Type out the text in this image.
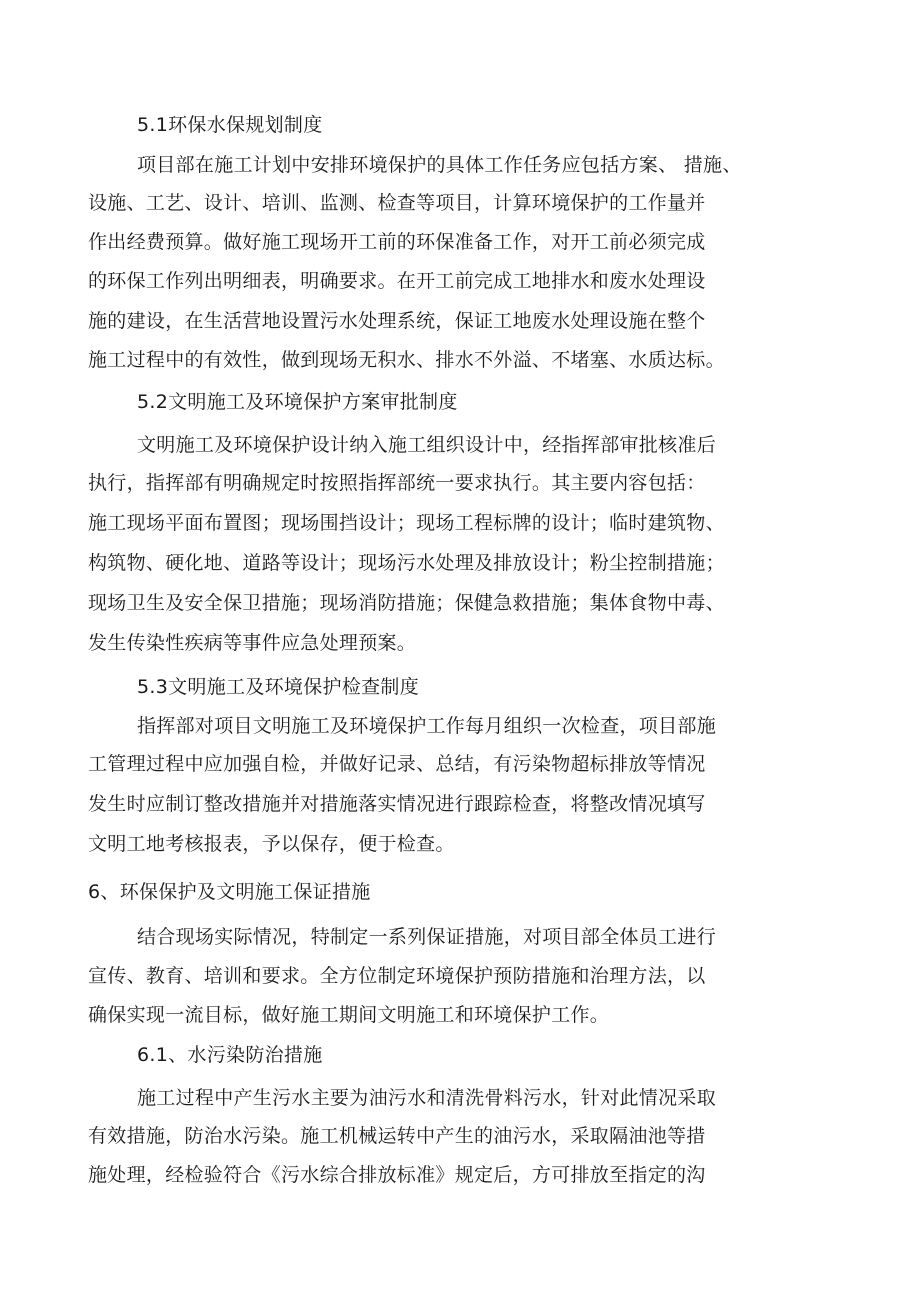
5.1环保水保规划制度
项目部在施工计划中安排环境保护的具体工作任务应包括方案、 措施、
设施、工艺、设计、培训、监测、检查等项目，计算环境保护的工作量并
作出经费预算。做好施工现场开工前的环保准备工作，对开工前必须完成
的环保工作列出明细表，明确要求。在开工前完成工地排水和废水处理设
施的建设，在生活营地设置污水处理系统，保证工地废水处理设施在整个
施工过程中的有效性，做到现场无积水、排水不外溢、不堵塞、水质达标。
5.2文明施工及环境保护方案审批制度
文明施工及环境保护设计纳入施工组织设计中，经指挥部审批核准后
执行，指挥部有明确规定时按照指挥部统一要求执行。其主要内容包括：
施工现场平面布置图；现场围挡设计；现场工程标牌的设计；临时建筑物、
构筑物、硬化地、道路等设计；现场污水处理及排放设计；粉尘控制措施；
现场卫生及安全保卫措施；现场消防措施；保健急救措施；集体食物中毒、
发生传染性疾病等事件应急处理预案。
5.3文明施工及环境保护检查制度
指挥部对项目文明施工及环境保护工作每月组织一次检查，项目部施
工管理过程中应加强自检，并做好记录、总结，有污染物超标排放等情况
发生时应制订整改措施并对措施落实情况进行跟踪检查，将整改情况填写
文明工地考核报表，予以保存，便于检查。
6、环保保护及文明施工保证措施
结合现场实际情况，特制定一系列保证措施，对项目部全体员工进行
宣传、教育、培训和要求。全方位制定环境保护预防措施和治理方法，以
确保实现一流目标，做好施工期间文明施工和环境保护工作。
6.1、水污染防治措施
施工过程中产生污水主要为油污水和清洗骨料污水，针对此情况采取
有效措施，防治水污染。施工机械运转中产生的油污水，采取隔油池等措
施处理，经检验符合《污水综合排放标准》规定后，方可排放至指定的沟
